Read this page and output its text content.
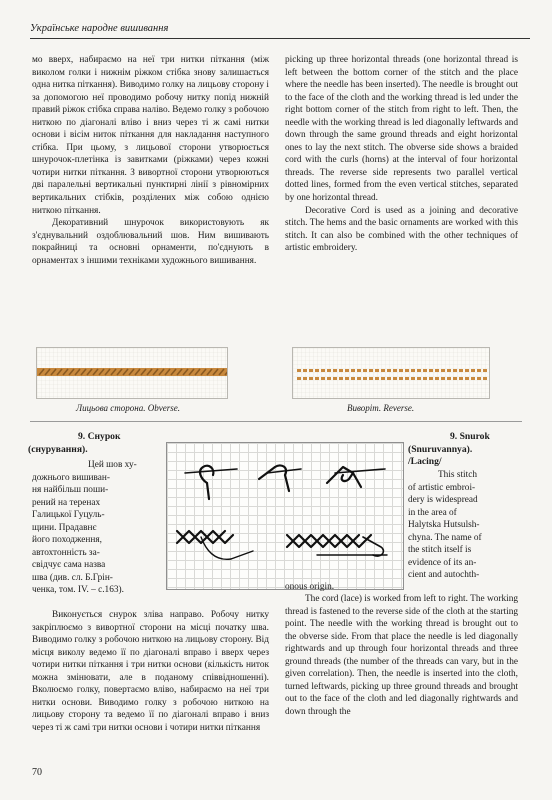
Українське народне вишивання

мо вверх, набираємо на неї три нитки піткання (між виколом голки і нижнім рiжком стiбка знову залишається одна нитка піткання). Виводимо голку на лицьову сторону і за допомогою неї проводимо робочу нитку попiд нижнiй правий рiжок стiбка справа наліво. Ведемо голку з робочою ниткою по діагоналі вліво і вниз через ті ж самі нитки основи і вісім ниток піткання для накладання наступного стібка. При цьому, з лицьової сторони утворюється шнурочок-плетінка із завитками (рiжками) через кожні чотири нитки піткання. З вивортної сторони утворюються дві паралельні вертикальні пунктирні лінії з рівномірних вертикальних стібків, розділених між собою однією ниткою піткання.

Декоративний шнурочок використовують як з'єднувальний оздоблювальний шов. Ним вишивають покрайниці та основні орнаменти, по'єднують в орнаментах з іншими техніками художнього вишивання.

picking up three horizontal threads (one horizontal thread is left between the bottom corner of the stitch and the place where the needle has been inserted). The needle is brought out to the face of the cloth and the working thread is led under the right bottom corner of the stitch from right to left. Then, the needle with the working thread is led diagonally leftwards and down through the same ground threads and eight horizontal ones to lay the next stitch. The obverse side shows a braided cord with the curls (horns) at the interval of four horizontal threads. The reverse side represents two parallel vertical dotted lines, formed from the even vertical stitches, separated by one horizontal thread.

Decorative Cord is used as a joining and decorative stitch. The hems and the basic ornaments are worked with this stitch. It can also be combined with the other techniques of artistic embroidery.

Лицьова сторона. Obverse.	Виворіт. Reverse.
9. Снурок
(снурування).
Цей шов ху-
дожнього вишиван-
ня найбільш поши-
рений на теренах
Галицької Гуцуль-
щини. Прадавнє
його походження,
автохтонність за-
свідчує сама назва
шва (див. сл. Б.Грін-
ченка, том. IV. – с.163).
9. Snurok
(Snuruvannya).
/Lacing/
This stitch
of artistic embroi-
dery is widespread
in the area of
Halytska Hutsulsh-
chyna. The name of
the stitch itself is
evidence of its an-
cient and autochth-
onous origin.

Виконується снурок зліва направо. Робочу нитку закріплюємо з вивортної сторони на місці початку шва. Виводимо голку з робочою ниткою на лицьову сторону. Від місця виколу ведемо її по діагоналі вправо і вверх через чотири нитки піткання і три нитки основи (кількість ниток можна змінювати, але в поданому співвідношенні). Вколюємо голку, повертаємо вліво, набираємо на неї три нитки основи. Виводимо голку з робочою ниткою на лицьову сторону та ведемо її по діагоналі вправо і вниз через ті ж самі три нитки основи і чотири нитки піткання

The cord (lace) is worked from left to right. The working thread is fastened to the reverse side of the cloth at the starting point. The needle with the working thread is brought out to the obverse side. From that place the needle is led diagonally rightwards and up through four horizontal threads and three ground threads (the number of the threads can vary, but in the given correlation). Then, the needle is inserted into the cloth, turned leftwards, picking up three ground threads and brought out to the face of the cloth and led diagonally rightwards and down through the

70
